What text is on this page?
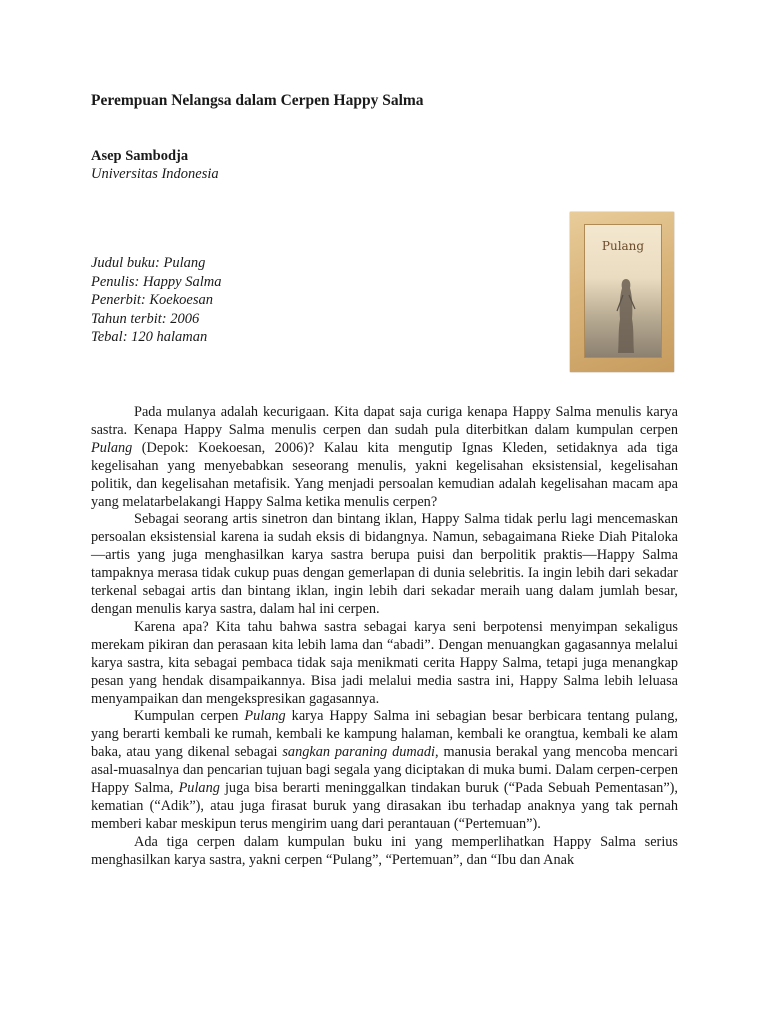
Perempuan Nelangsa dalam Cerpen Happy Salma
Asep Sambodja
Universitas Indonesia
Judul buku: Pulang
Penulis: Happy Salma
Penerbit: Koekoesan
Tahun terbit: 2006
Tebal: 120 halaman
Pulang

Pada mulanya adalah kecurigaan. Kita dapat saja curiga kenapa Happy Salma menulis karya sastra. Kenapa Happy Salma menulis cerpen dan sudah pula diterbitkan dalam kumpulan cerpen Pulang (Depok: Koekoesan, 2006)? Kalau kita mengutip Ignas Kleden, setidaknya ada tiga kegelisahan yang menyebabkan seseorang menulis, yakni kegelisahan eksistensial, kegelisahan politik, dan kegelisahan metafisik. Yang menjadi persoalan kemudian adalah kegelisahan macam apa yang melatarbelakangi Happy Salma ketika menulis cerpen?

Sebagai seorang artis sinetron dan bintang iklan, Happy Salma tidak perlu lagi mencemaskan persoalan eksistensial karena ia sudah eksis di bidangnya. Namun, sebagaimana Rieke Diah Pitaloka—artis yang juga menghasilkan karya sastra berupa puisi dan berpolitik praktis—Happy Salma tampaknya merasa tidak cukup puas dengan gemerlapan di dunia selebritis. Ia ingin lebih dari sekadar terkenal sebagai artis dan bintang iklan, ingin lebih dari sekadar meraih uang dalam jumlah besar, dengan menulis karya sastra, dalam hal ini cerpen.

Karena apa? Kita tahu bahwa sastra sebagai karya seni berpotensi menyimpan sekaligus merekam pikiran dan perasaan kita lebih lama dan “abadi”. Dengan menuangkan gagasannya melalui karya sastra, kita sebagai pembaca tidak saja menikmati cerita Happy Salma, tetapi juga menangkap pesan yang hendak disampaikannya. Bisa jadi melalui media sastra ini, Happy Salma lebih leluasa menyampaikan dan mengekspresikan gagasannya.

Kumpulan cerpen Pulang karya Happy Salma ini sebagian besar berbicara tentang pulang, yang berarti kembali ke rumah, kembali ke kampung halaman, kembali ke orangtua, kembali ke alam baka, atau yang dikenal sebagai sangkan paraning dumadi, manusia berakal yang mencoba mencari asal-muasalnya dan pencarian tujuan bagi segala yang diciptakan di muka bumi. Dalam cerpen-cerpen Happy Salma, Pulang juga bisa berarti meninggalkan tindakan buruk (“Pada Sebuah Pementasan”), kematian (“Adik”), atau juga firasat buruk yang dirasakan ibu terhadap anaknya yang tak pernah memberi kabar meskipun terus mengirim uang dari perantauan (“Pertemuan”).

Ada tiga cerpen dalam kumpulan buku ini yang memperlihatkan Happy Salma serius menghasilkan karya sastra, yakni cerpen “Pulang”, “Pertemuan”, dan “Ibu dan Anak
